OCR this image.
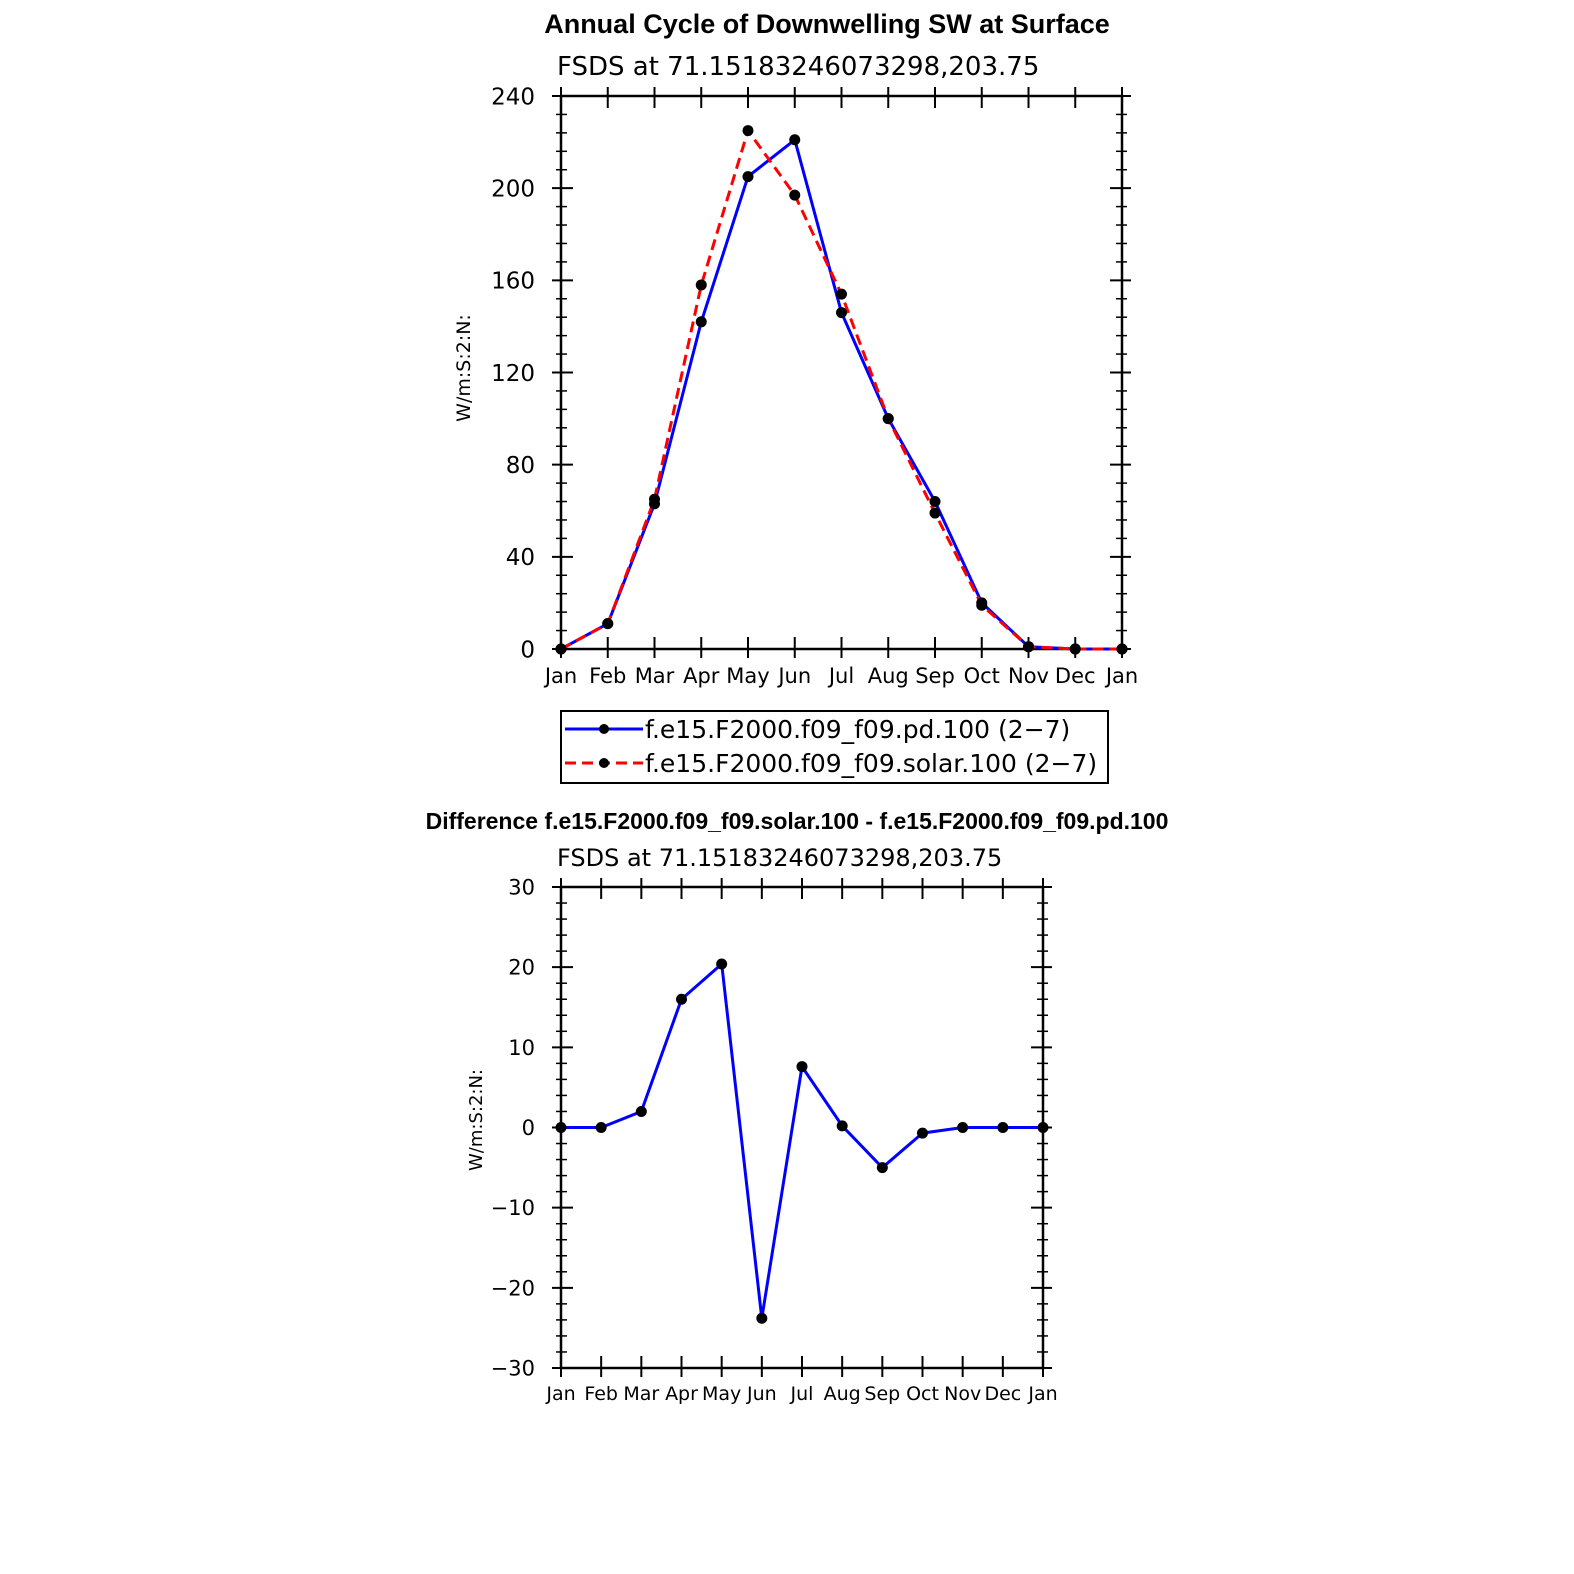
Annual Cycle of Downwelling SW at Surface
FSDS at 71.15183246073298,203.75
W/m:S:2:N:
0
40
80
120
160
200
240
Jan Feb Mar Apr May Jun Jul Aug Sep Oct Nov Dec Jan
f.e15.F2000.f09_f09.pd.100 (2−7)
f.e15.F2000.f09_f09.solar.100 (2−7)
Difference f.e15.F2000.f09_f09.solar.100 - f.e15.F2000.f09_f09.pd.100
FSDS at 71.15183246073298,203.75
W/m:S:2:N:
−30
−20
−10
0
10
20
30
Jan Feb Mar Apr May Jun Jul Aug Sep Oct Nov Dec Jan
